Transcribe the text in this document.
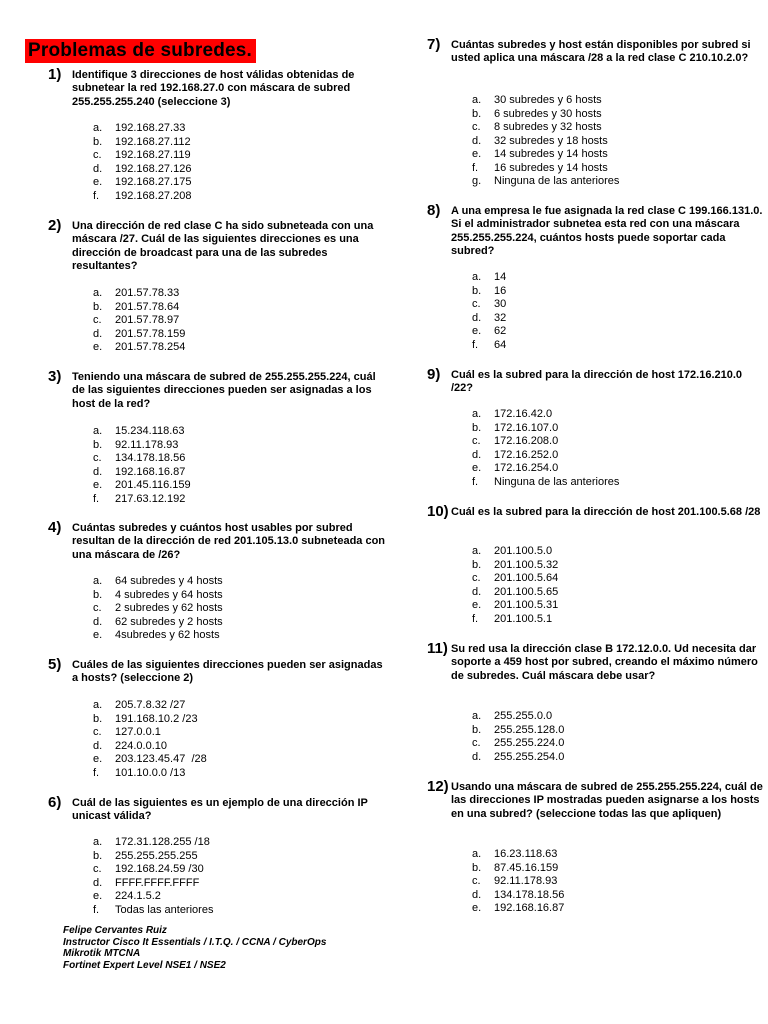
Problemas de subredes.
1) Identifique 3 direcciones de host válidas obtenidas de subnetear la red 192.168.27.0 con máscara de subred 255.255.255.240 (seleccione 3)
a. 192.168.27.33
b. 192.168.27.112
c. 192.168.27.119
d. 192.168.27.126
e. 192.168.27.175
f. 192.168.27.208
2) Una dirección de red clase C ha sido subneteada con una máscara /27. Cuál de las siguientes direcciones es una dirección de broadcast para una de las subredes resultantes?
a. 201.57.78.33
b. 201.57.78.64
c. 201.57.78.97
d. 201.57.78.159
e. 201.57.78.254
3) Teniendo una máscara de subred de 255.255.255.224, cuál de las siguientes direcciones pueden ser asignadas a los host de la red?
a. 15.234.118.63
b. 92.11.178.93
c. 134.178.18.56
d. 192.168.16.87
e. 201.45.116.159
f. 217.63.12.192
4) Cuántas subredes y cuántos host usables por subred resultan de la dirección de red 201.105.13.0 subneteada con una máscara de /26?
a. 64 subredes y 4 hosts
b. 4 subredes y 64 hosts
c. 2 subredes y 62 hosts
d. 62 subredes y 2 hosts
e. 4subredes y 62 hosts
5) Cuáles de las siguientes direcciones pueden ser asignadas a hosts? (seleccione 2)
a. 205.7.8.32 /27
b. 191.168.10.2 /23
c. 127.0.0.1
d. 224.0.0.10
e. 203.123.45.47  /28
f. 101.10.0.0 /13
6) Cuál de las siguientes es un ejemplo de una dirección IP unicast válida?
a. 172.31.128.255 /18
b. 255.255.255.255
c. 192.168.24.59 /30
d. FFFF.FFFF.FFFF
e. 224.1.5.2
f. Todas las anteriores
7) Cuántas subredes y host están disponibles por subred si usted aplica una máscara /28 a la red clase C 210.10.2.0?
a. 30 subredes y 6 hosts
b. 6 subredes y 30 hosts
c. 8 subredes y 32 hosts
d. 32 subredes y 18 hosts
e. 14 subredes y 14 hosts
f. 16 subredes y 14 hosts
g. Ninguna de las anteriores
8) A una empresa le fue asignada la red clase C 199.166.131.0. Si el administrador subnetea esta red con una máscara 255.255.255.224, cuántos hosts puede soportar cada subred?
a. 14
b. 16
c. 30
d. 32
e. 62
f. 64
9) Cuál es la subred para la dirección de host 172.16.210.0 /22?
a. 172.16.42.0
b. 172.16.107.0
c. 172.16.208.0
d. 172.16.252.0
e. 172.16.254.0
f. Ninguna de las anteriores
10) Cuál es la subred para la dirección de host 201.100.5.68 /28
a. 201.100.5.0
b. 201.100.5.32
c. 201.100.5.64
d. 201.100.5.65
e. 201.100.5.31
f. 201.100.5.1
11) Su red usa la dirección clase B 172.12.0.0. Ud necesita dar soporte a 459 host por subred, creando el máximo número de subredes. Cuál máscara debe usar?
a. 255.255.0.0
b. 255.255.128.0
c. 255.255.224.0
d. 255.255.254.0
12) Usando una máscara de subred de 255.255.255.224, cuál de las direcciones IP mostradas pueden asignarse a los hosts en una subred? (seleccione todas las que apliquen)
a. 16.23.118.63
b. 87.45.16.159
c. 92.11.178.93
d. 134.178.18.56
e. 192.168.16.87
Felipe Cervantes Ruiz
Instructor Cisco It Essentials / I.T.Q. / CCNA / CyberOps
Mikrotik MTCNA
Fortinet Expert Level NSE1 / NSE2
